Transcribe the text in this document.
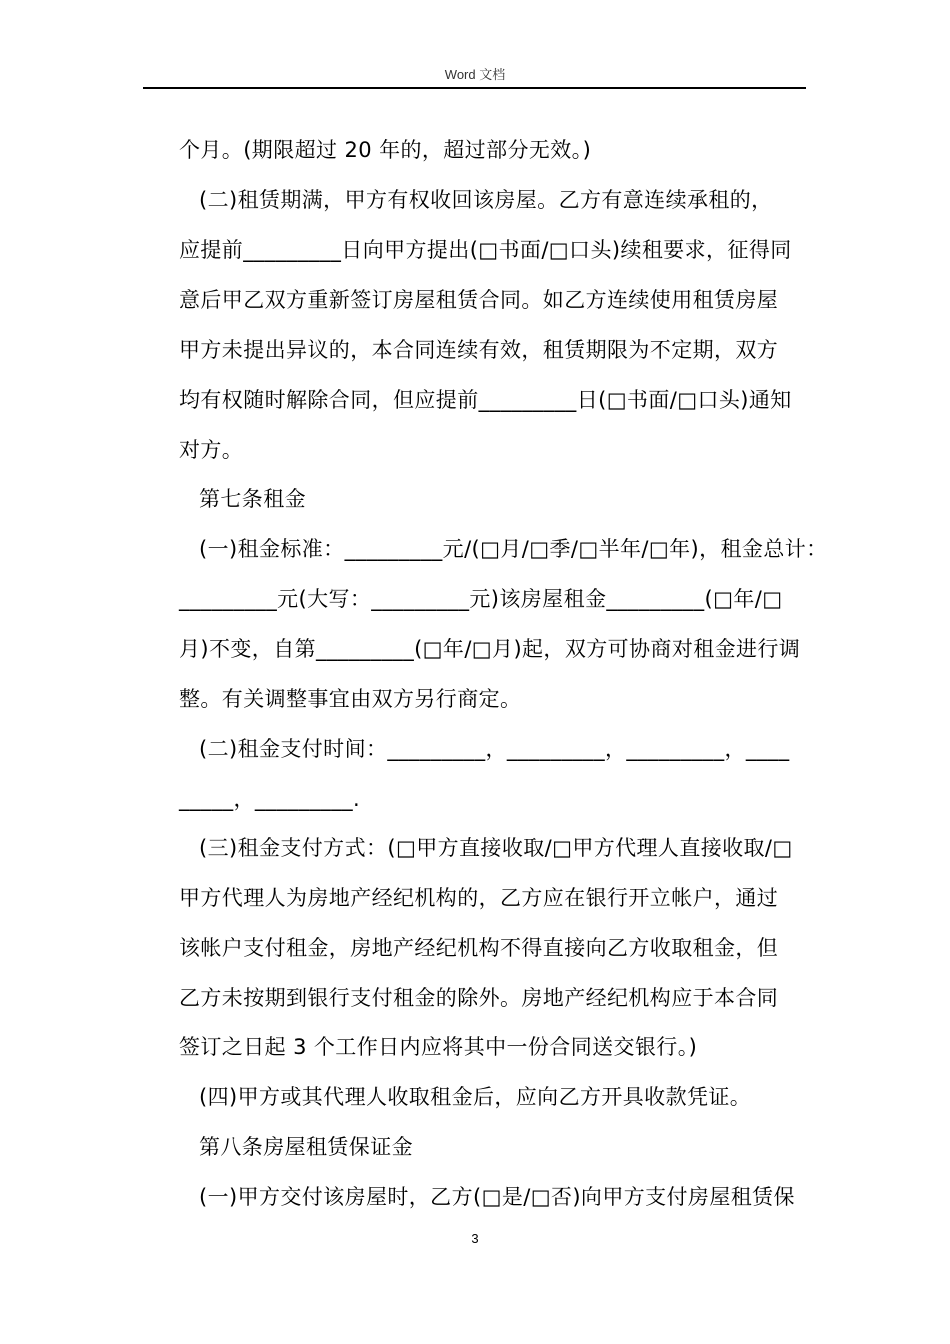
Word 文档
个月。(期限超过 20 年的，超过部分无效。)
(二)租赁期满，甲方有权收回该房屋。乙方有意连续承租的，
应提前_________日向甲方提出(□书面/□口头)续租要求，征得同
意后甲乙双方重新签订房屋租赁合同。如乙方连续使用租赁房屋
甲方未提出异议的，本合同连续有效，租赁期限为不定期，双方
均有权随时解除合同，但应提前_________日(□书面/□口头)通知
对方。
第七条租金
(一)租金标准：_________元/(□月/□季/□半年/□年)，租金总计：
_________元(大写：_________元)该房屋租金_________(□年/□
月)不变，自第_________(□年/□月)起，双方可协商对租金进行调
整。有关调整事宜由双方另行商定。
(二)租金支付时间：_________，_________，_________，____
_____，_________.
(三)租金支付方式：(□甲方直接收取/□甲方代理人直接收取/□
甲方代理人为房地产经纪机构的，乙方应在银行开立帐户，通过
该帐户支付租金，房地产经纪机构不得直接向乙方收取租金，但
乙方未按期到银行支付租金的除外。房地产经纪机构应于本合同
签订之日起 3 个工作日内应将其中一份合同送交银行。)
(四)甲方或其代理人收取租金后，应向乙方开具收款凭证。
第八条房屋租赁保证金
(一)甲方交付该房屋时，乙方(□是/□否)向甲方支付房屋租赁保
3
